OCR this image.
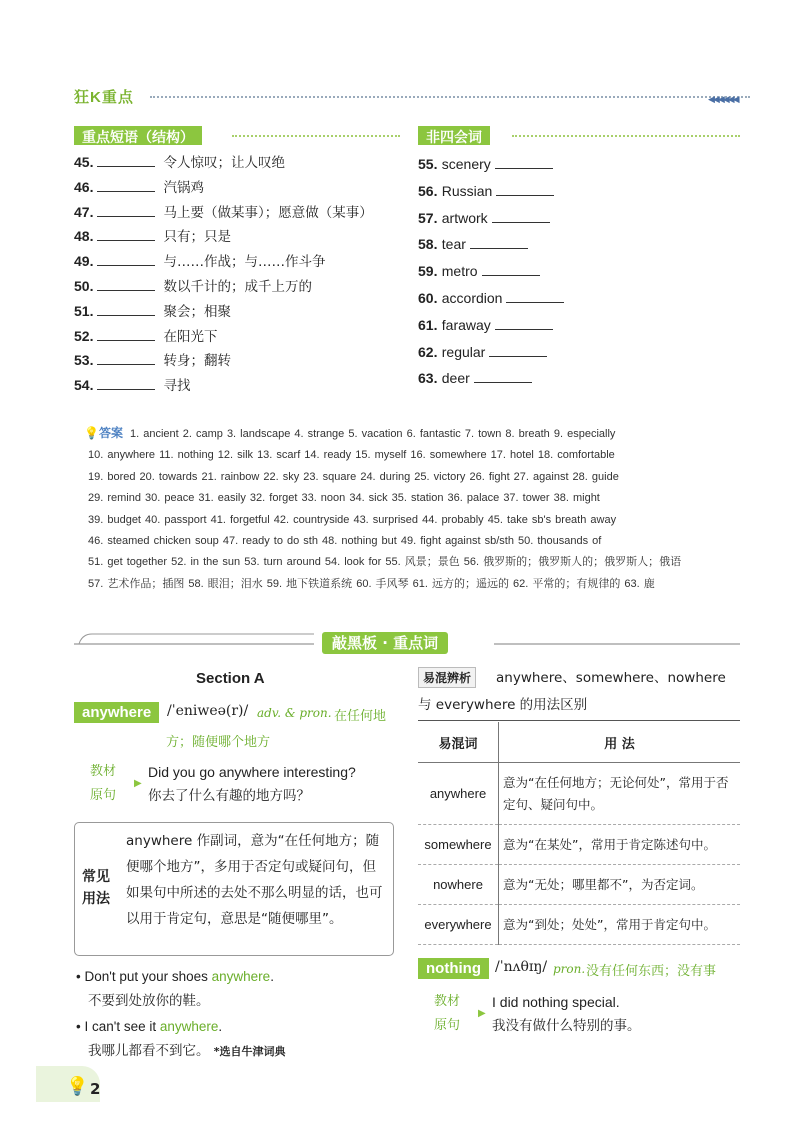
狂K重点	◀◀◀◀◀◀
重点短语（结构）	非四会词
45.	令人惊叹；让人叹绝
46.	汽锅鸡
47.	马上要（做某事）；愿意做（某事）
48.	只有；只是
49.	与……作战；与……作斗争
50.	数以千计的；成千上万的
51.	聚会；相聚
52.	在阳光下
53.	转身；翻转
54.	寻找
55. scenery
56. Russian
57. artwork
58. tear
59. metro
60. accordion
61. faraway
62. regular
63. deer
💡答案 1. ancient 2. camp 3. landscape 4. strange 5. vacation 6. fantastic 7. town 8. breath 9. especially
10. anywhere 11. nothing 12. silk 13. scarf 14. ready 15. myself 16. somewhere 17. hotel 18. comfortable
19. bored 20. towards 21. rainbow 22. sky 23. square 24. during 25. victory 26. fight 27. against 28. guide
29. remind 30. peace 31. easily 32. forget 33. noon 34. sick 35. station 36. palace 37. tower 38. might
39. budget 40. passport 41. forgetful 42. countryside 43. surprised 44. probably 45. take sb's breath away
46. steamed chicken soup 47. ready to do sth 48. nothing but 49. fight against sb/sth 50. thousands of
51. get together 52. in the sun 53. turn around 54. look for 55. 风景；景色 56. 俄罗斯的；俄罗斯人的；俄罗斯人；俄语
57. 艺术作品；插图 58. 眼泪；泪水 59. 地下铁道系统 60. 手风琴 61. 远方的；遥远的 62. 平常的；有规律的 63. 鹿
敲黑板 · 重点词
Section A
anywhere	/ˈeniweə(r)/ adv. & pron. 在任何地方；随便哪个地方
教材
原句
▶
Did you go anywhere interesting?
你去了什么有趣的地方吗？
常见用法
anywhere 作副词，意为“在任何地方；随便哪个地方”，多用于否定句或疑问句，但如果句中所述的去处不那么明显的话，也可以用于肯定句，意思是“随便哪里”。
• Don't put your shoes anywhere.
不要到处放你的鞋。
• I can't see it anywhere.
我哪儿都看不到它。 *选自牛津词典
易混辨析	anywhere、somewhere、nowhere 与 everywhere 的用法区别
易混词	用 法
anywhere	意为“在任何地方；无论何处”，常用于否定句、疑问句中。
somewhere	意为“在某处”，常用于肯定陈述句中。
nowhere	意为“无处；哪里都不”，为否定词。
everywhere	意为“到处；处处”，常用于肯定句中。
nothing	/ˈnʌθɪŋ/ pron. 没有任何东西；没有事
教材
原句
▶
I did nothing special.
我没有做什么特别的事。
💡 2
